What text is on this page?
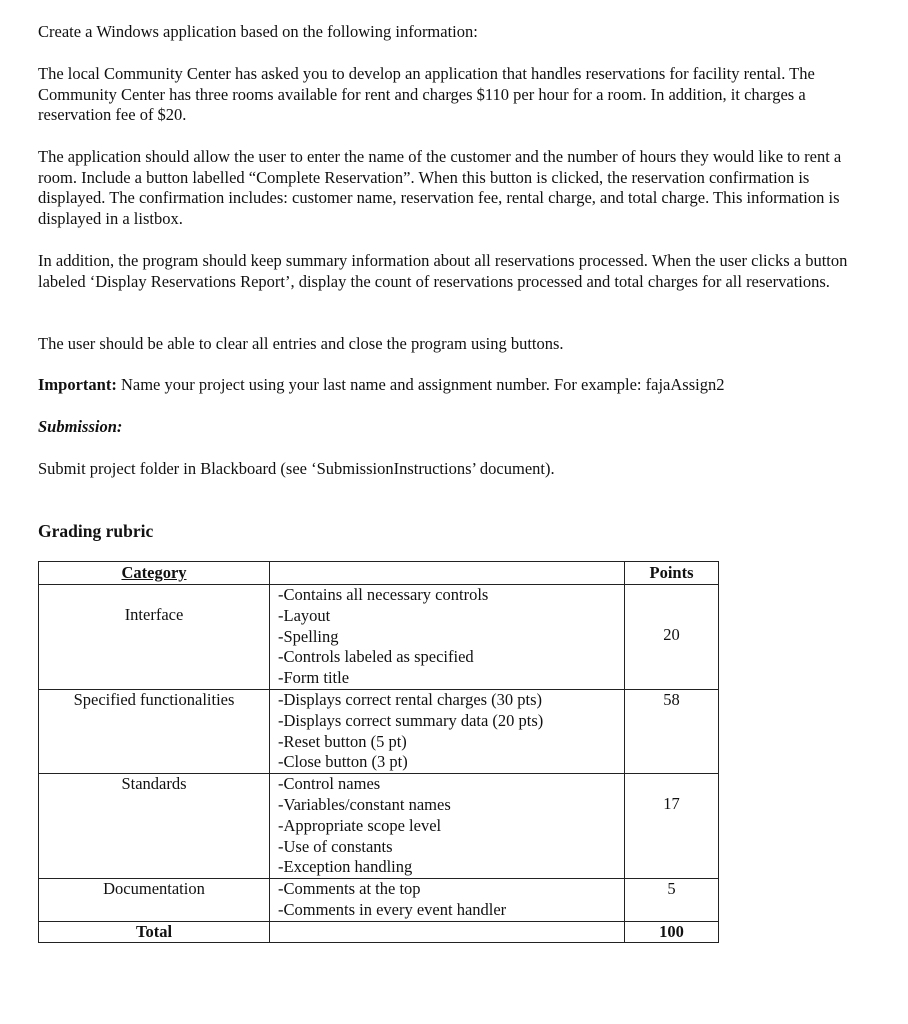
Create a Windows application based on the following information:

The local Community Center has asked you to develop an application that handles reservations for facility rental. The Community Center has three rooms available for rent and charges $110 per hour for a room. In addition, it charges a reservation fee of $20.

The application should allow the user to enter the name of the customer and the number of hours they would like to rent a room. Include a button labelled “Complete Reservation”. When this button is clicked, the reservation confirmation is displayed. The confirmation includes: customer name, reservation fee, rental charge, and total charge. This information is displayed in a listbox.

In addition, the program should keep summary information about all reservations processed. When the user clicks a button labeled ‘Display Reservations Report’, display the count of reservations processed and total charges for all reservations.

The user should be able to clear all entries and close the program using buttons.

Important: Name your project using your last name and assignment number. For example: fajaAssign2

Submission:

Submit project folder in Blackboard (see ‘SubmissionInstructions’ document).

Grading rubric

Category		Points
Interface	-Contains all necessary controls
-Layout
-Spelling
-Controls labeled as specified
-Form title	20
Specified functionalities	-Displays correct rental charges (30 pts)
-Displays correct summary data (20 pts)
-Reset button (5 pt)
-Close button (3 pt)	58
Standards	-Control names
-Variables/constant names
-Appropriate scope level
-Use of constants
-Exception handling	17
Documentation	-Comments at the top
-Comments in every event handler	5
Total		100
